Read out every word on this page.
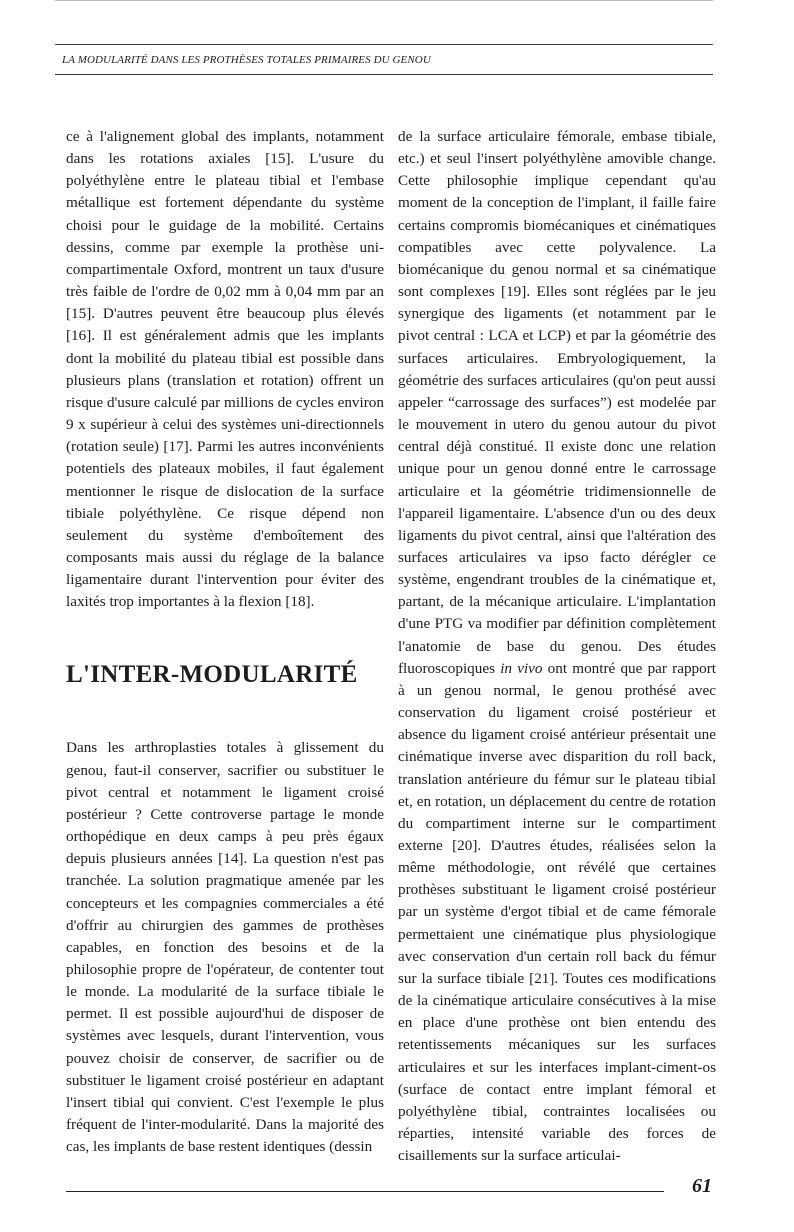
LA MODULARITÉ DANS LES PROTHÈSES TOTALES PRIMAIRES DU GENOU

ce à l'alignement global des implants, notamment dans les rotations axiales [15]. L'usure du polyéthylène entre le plateau tibial et l'embase métallique est fortement dépendante du système choisi pour le guidage de la mobilité. Certains dessins, comme par exemple la prothèse uni-compartimentale Oxford, montrent un taux d'usure très faible de l'ordre de 0,02 mm à 0,04 mm par an [15]. D'autres peuvent être beaucoup plus élevés [16]. Il est généralement admis que les implants dont la mobilité du plateau tibial est possible dans plusieurs plans (translation et rotation) offrent un risque d'usure calculé par millions de cycles environ 9 x supérieur à celui des systèmes uni-directionnels (rotation seule) [17]. Parmi les autres inconvénients potentiels des plateaux mobiles, il faut également mentionner le risque de dislocation de la surface tibiale polyéthylène. Ce risque dépend non seulement du système d'emboîtement des composants mais aussi du réglage de la balance ligamentaire durant l'intervention pour éviter des laxités trop importantes à la flexion [18].

L'INTER-MODULARITÉ

Dans les arthroplasties totales à glissement du genou, faut-il conserver, sacrifier ou substituer le pivot central et notamment le ligament croisé postérieur ? Cette controverse partage le monde orthopédique en deux camps à peu près égaux depuis plusieurs années [14]. La question n'est pas tranchée. La solution pragmatique amenée par les concepteurs et les compagnies commerciales a été d'offrir au chirurgien des gammes de prothèses capables, en fonction des besoins et de la philosophie propre de l'opérateur, de contenter tout le monde. La modularité de la surface tibiale le permet. Il est possible aujourd'hui de disposer de systèmes avec lesquels, durant l'intervention, vous pouvez choisir de conserver, de sacrifier ou de substituer le ligament croisé postérieur en adaptant l'insert tibial qui convient. C'est l'exemple le plus fréquent de l'inter-modularité. Dans la majorité des cas, les implants de base restent identiques (dessin

de la surface articulaire fémorale, embase tibiale, etc.) et seul l'insert polyéthylène amovible change. Cette philosophie implique cependant qu'au moment de la conception de l'implant, il faille faire certains compromis biomécaniques et cinématiques compatibles avec cette polyvalence. La biomécanique du genou normal et sa cinématique sont complexes [19]. Elles sont réglées par le jeu synergique des ligaments (et notamment par le pivot central : LCA et LCP) et par la géométrie des surfaces articulaires. Embryologiquement, la géométrie des surfaces articulaires (qu'on peut aussi appeler “carrossage des surfaces”) est modelée par le mouvement in utero du genou autour du pivot central déjà constitué. Il existe donc une relation unique pour un genou donné entre le carrossage articulaire et la géométrie tridimensionnelle de l'appareil ligamentaire. L'absence d'un ou des deux ligaments du pivot central, ainsi que l'altération des surfaces articulaires va ipso facto dérégler ce système, engendrant troubles de la cinématique et, partant, de la mécanique articulaire. L'implantation d'une PTG va modifier par définition complètement l'anatomie de base du genou. Des études fluoroscopiques in vivo ont montré que par rapport à un genou normal, le genou prothésé avec conservation du ligament croisé postérieur et absence du ligament croisé antérieur présentait une cinématique inverse avec disparition du roll back, translation antérieure du fémur sur le plateau tibial et, en rotation, un déplacement du centre de rotation du compartiment interne sur le compartiment externe [20]. D'autres études, réalisées selon la même méthodologie, ont révélé que certaines prothèses substituant le ligament croisé postérieur par un système d'ergot tibial et de came fémorale permettaient une cinématique plus physiologique avec conservation d'un certain roll back du fémur sur la surface tibiale [21]. Toutes ces modifications de la cinématique articulaire consécutives à la mise en place d'une prothèse ont bien entendu des retentissements mécaniques sur les surfaces articulaires et sur les interfaces implant-ciment-os (surface de contact entre implant fémoral et polyéthylène tibial, contraintes localisées ou réparties, intensité variable des forces de cisaillements sur la surface articulai-

61
